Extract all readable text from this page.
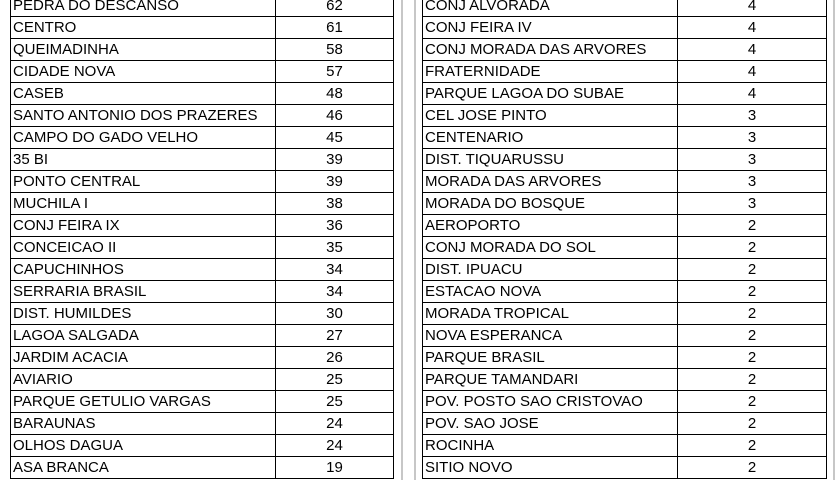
PEDRA DO DESCANSO	62
CENTRO	61
QUEIMADINHA	58
CIDADE NOVA	57
CASEB	48
SANTO ANTONIO DOS PRAZERES	46
CAMPO DO GADO VELHO	45
35 BI	39
PONTO CENTRAL	39
MUCHILA I	38
CONJ FEIRA IX	36
CONCEICAO II	35
CAPUCHINHOS	34
SERRARIA BRASIL	34
DIST. HUMILDES	30
LAGOA SALGADA	27
JARDIM ACACIA	26
AVIARIO	25
PARQUE GETULIO VARGAS	25
BARAUNAS	24
OLHOS DAGUA	24
ASA BRANCA	19
CONJ ALVORADA	4
CONJ FEIRA IV	4
CONJ MORADA DAS ARVORES	4
FRATERNIDADE	4
PARQUE LAGOA DO SUBAE	4
CEL JOSE PINTO	3
CENTENARIO	3
DIST. TIQUARUSSU	3
MORADA DAS ARVORES	3
MORADA DO BOSQUE	3
AEROPORTO	2
CONJ MORADA DO SOL	2
DIST. IPUACU	2
ESTACAO NOVA	2
MORADA TROPICAL	2
NOVA ESPERANCA	2
PARQUE BRASIL	2
PARQUE TAMANDARI	2
POV. POSTO SAO CRISTOVAO	2
POV. SAO JOSE	2
ROCINHA	2
SITIO NOVO	2
